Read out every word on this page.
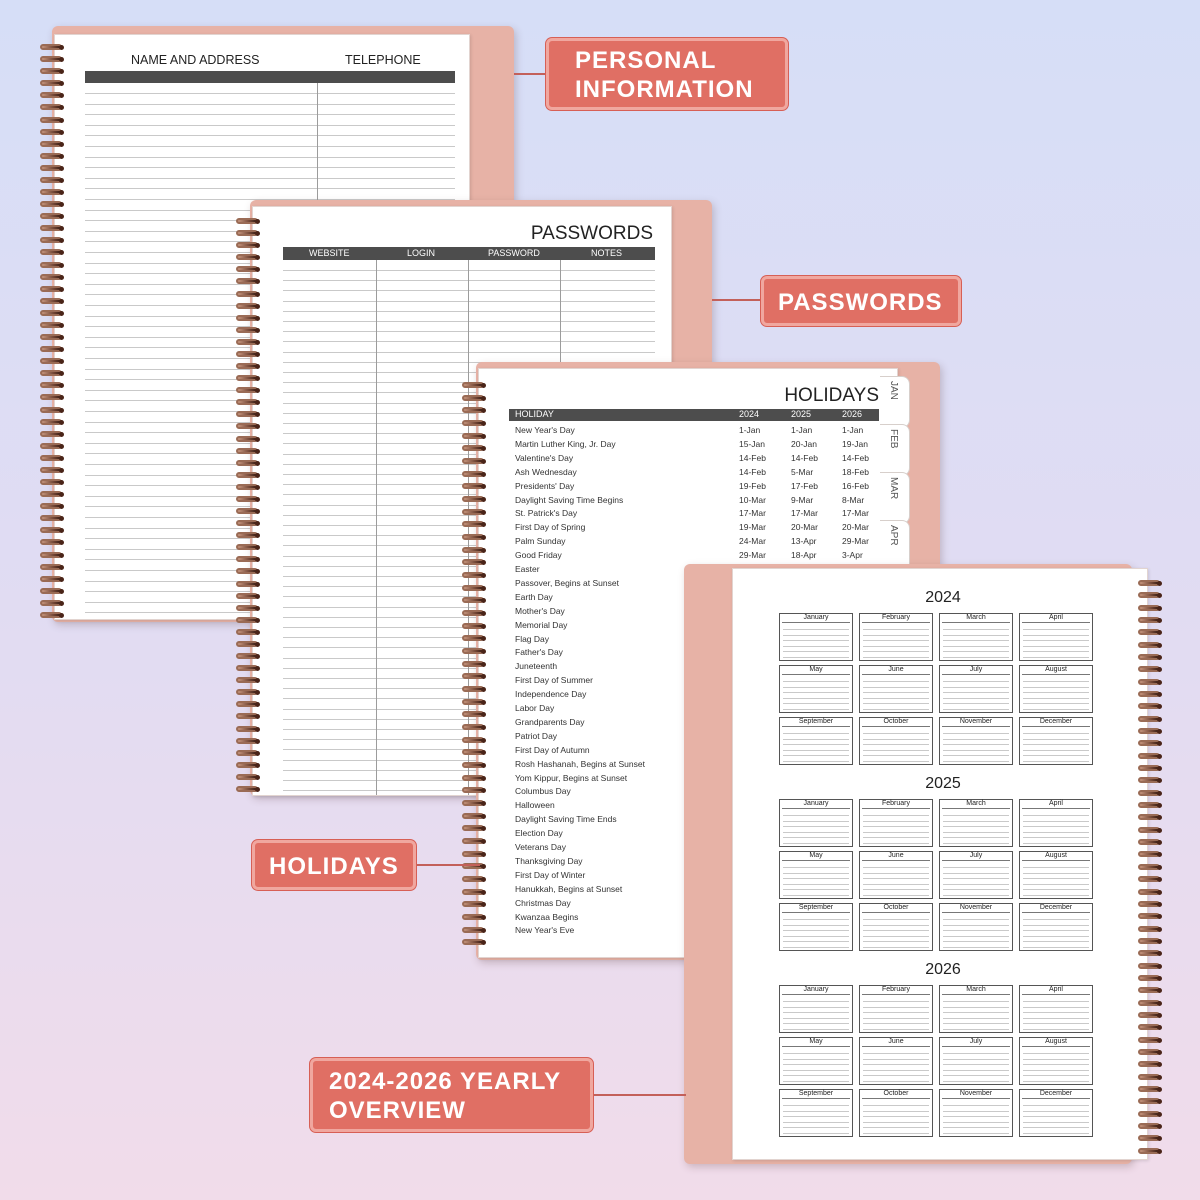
NAME AND ADDRESS	TELEPHONE
PASSWORDS
WEBSITE	LOGIN	PASSWORD	NOTES
HOLIDAYS
HOLIDAY	2024	2025	2026
New Year's Day	1-Jan	1-Jan	1-Jan
Martin Luther King, Jr. Day	15-Jan	20-Jan	19-Jan
Valentine's Day	14-Feb	14-Feb	14-Feb
Ash Wednesday	14-Feb	5-Mar	18-Feb
Presidents' Day	19-Feb	17-Feb	16-Feb
Daylight Saving Time Begins	10-Mar	9-Mar	8-Mar
St. Patrick's Day	17-Mar	17-Mar	17-Mar
First Day of Spring	19-Mar	20-Mar	20-Mar
Palm Sunday	24-Mar	13-Apr	29-Mar
Good Friday	29-Mar	18-Apr	3-Apr
Easter
Passover, Begins at Sunset
Earth Day
Mother's Day
Memorial Day
Flag Day
Father's Day
Juneteenth
First Day of Summer
Independence Day
Labor Day
Grandparents Day
Patriot Day
First Day of Autumn
Rosh Hashanah, Begins at Sunset
Yom Kippur, Begins at Sunset
Columbus Day
Halloween
Daylight Saving Time Ends
Election Day
Veterans Day
Thanksgiving Day
First Day of Winter
Hanukkah, Begins at Sunset
Christmas Day
Kwanzaa Begins
New Year's Eve
JAN
FEB
MAR
APR
2024
January	February	March	April
May	June	July	August
September	October	November	December
2025
January	February	March	April
May	June	July	August
September	October	November	December
2026
January	February	March	April
May	June	July	August
September	October	November	December
PERSONAL
INFORMATION
PASSWORDS
HOLIDAYS
2024-2026 YEARLY
OVERVIEW
